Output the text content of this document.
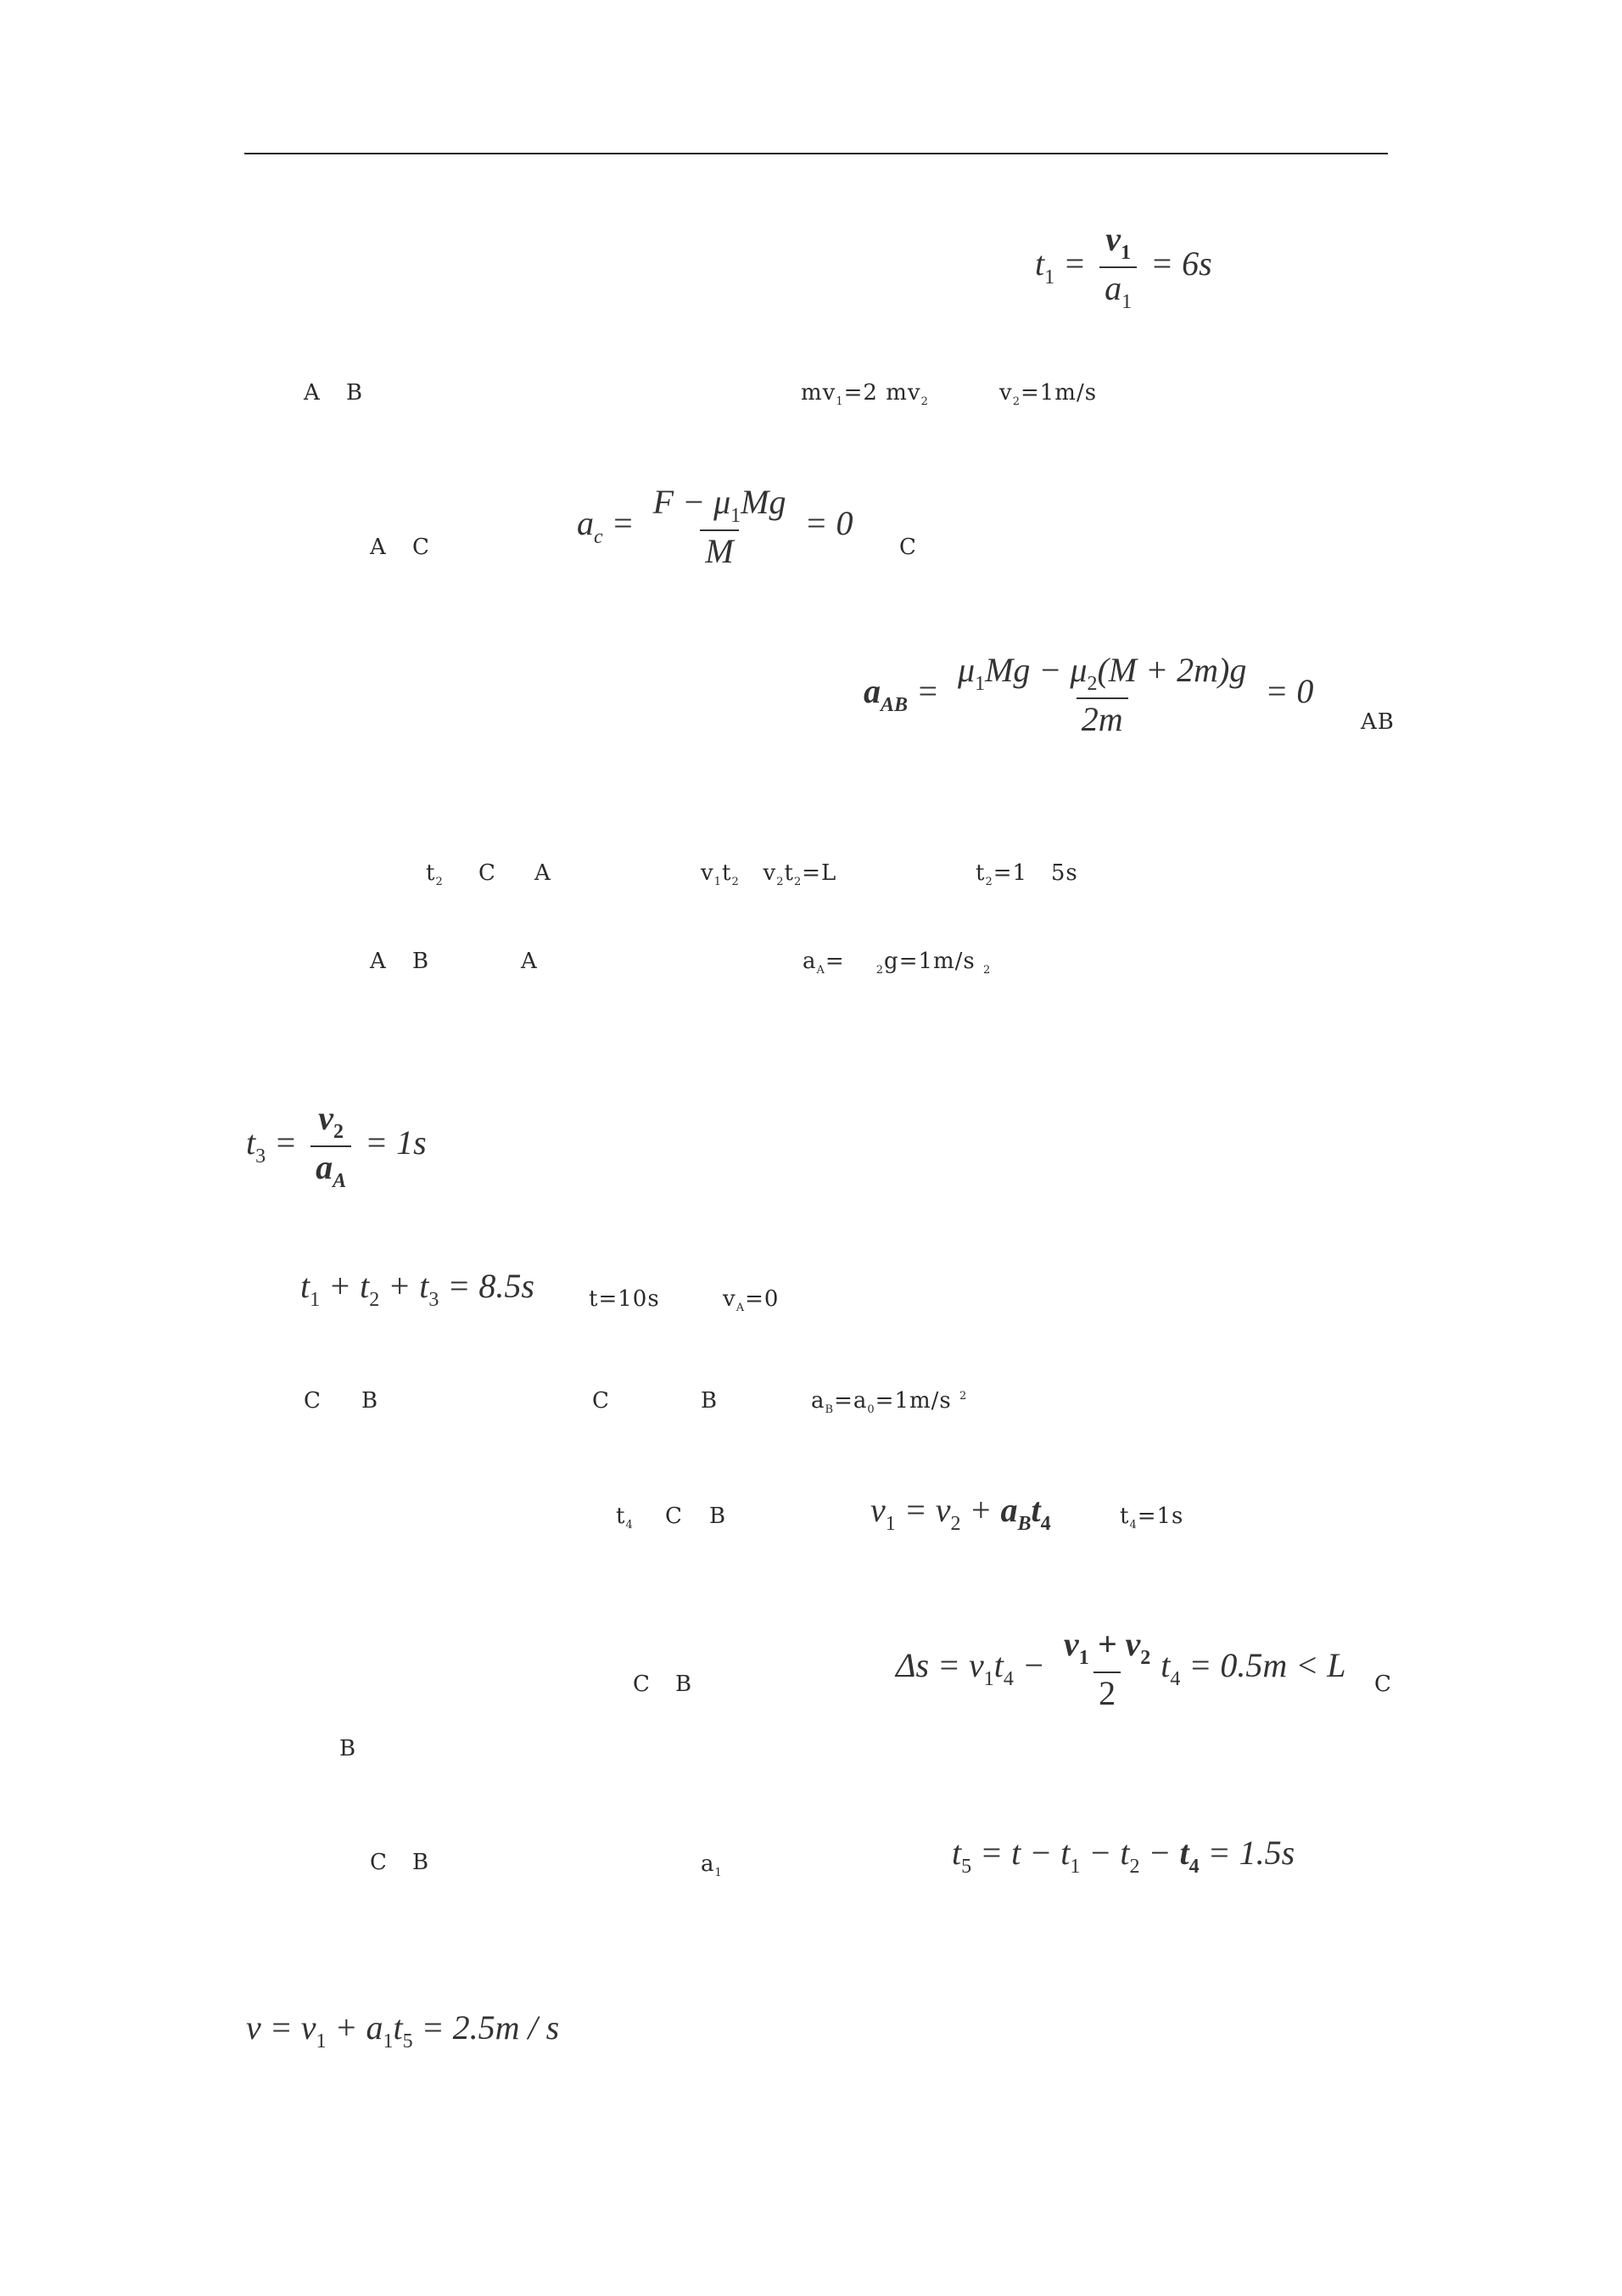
$t_1 = \frac{v_1}{a_1} = 6s$
A B	$mv_1=2$ $mv_2$	$v_2=1m/s$
A C
$a_c = \frac{F - \mu_1Mg}{M} = 0$
C
$a_{AB} = \frac{\mu_1Mg - \mu_2(M + 2m)g}{2m} = 0$
AB
$t_2$ C A	$v_1t_2$ $v_2t_2=L$	$t_2=1$ 5s
A B	A	$a_A=$	$_2$g=1m/s $_2$
$t_3 = \frac{v_2}{a_A} = 1s$
$t_1 + t_2 + t_3 = 8.5s$ t=10s	$v_A=0$
C B	C	B	$a_B=a_0=1m/s$ $^2$
$t_4$ C B	$v_1 = v_2 + a_Bt_4$	$t_4=1s$
C B	$\Delta s = v_1t_4 - \frac{v_1 + v_2}{2} t_4 = 0.5m < L$ C
B
C B	$a_1$
$t_5 = t - t_1 - t_2 - t_4 = 1.5s$
$v = v_1 + a_1t_5 = 2.5m / s$
